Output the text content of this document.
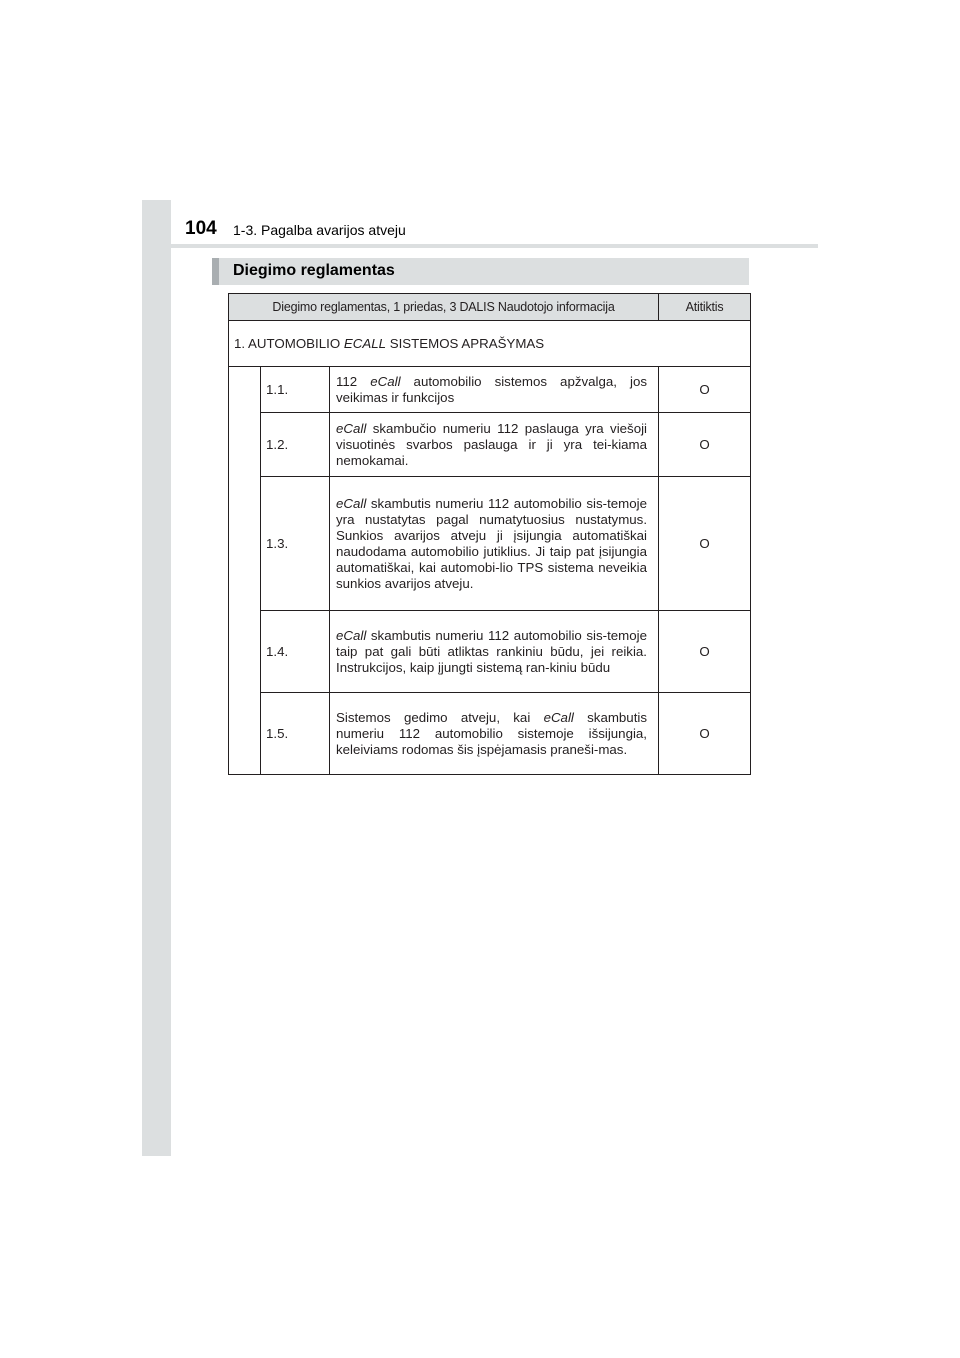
104 1-3. Pagalba avarijos atveju
Diegimo reglamentas
Diegimo reglamentas, 1 priedas, 3 DALIS Naudotojo informacija			Atitiktis
1. AUTOMOBILIO ECALL SISTEMOS APRAŠYMAS			
	1.1.	112 eCall automobilio sistemos apžvalga, jos veikimas ir funkcijos	O
	1.2.	eCall skambučio numeriu 112 paslauga yra viešoji visuotinės svarbos paslauga ir ji yra tei-kiama nemokamai.	O
	1.3.	eCall skambutis numeriu 112 automobilio sis-temoje yra nustatytas pagal numatytuosius nustatymus. Sunkios avarijos atveju ji įsijungia automatiškai naudodama automobilio jutiklius. Ji taip pat įsijungia automatiškai, kai automobi-lio TPS sistema neveikia sunkios avarijos atveju.	O
	1.4.	eCall skambutis numeriu 112 automobilio sis-temoje taip pat gali būti atliktas rankiniu būdu, jei reikia. Instrukcijos, kaip įjungti sistemą ran-kiniu būdu	O
	1.5.	Sistemos gedimo atveju, kai eCall skambutis numeriu 112 automobilio sistemoje išsijungia, keleiviams rodomas šis įspėjamasis praneši-mas.	O
